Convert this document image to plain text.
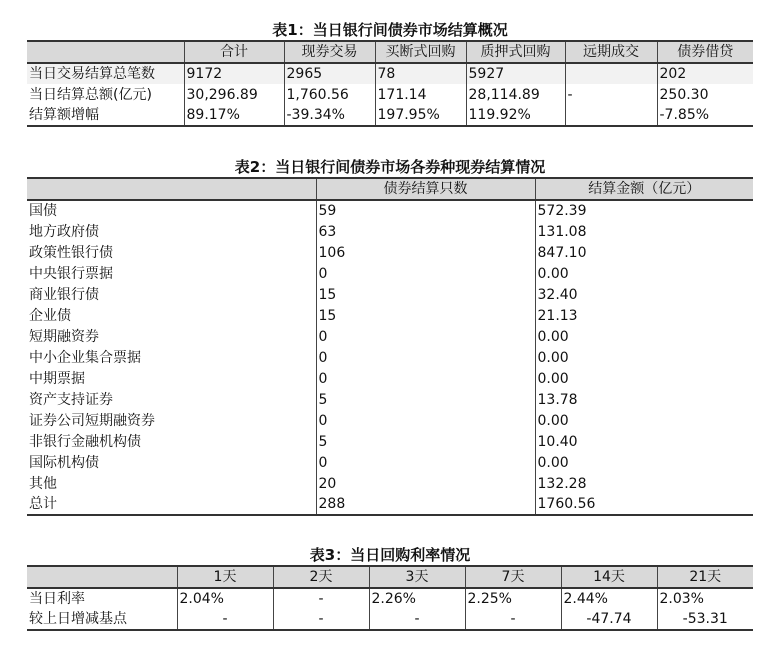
表1：当日银行间债券市场结算概况
	合计	现券交易	买断式回购	质押式回购	远期成交	债券借贷
当日交易结算总笔数	9172	2965	78	5927		202
当日结算总额(亿元)	30,296.89	1,760.56	171.14	28,114.89	-	250.30
结算额增幅	89.17%	-39.34%	197.95%	119.92%		-7.85%
表2：当日银行间债券市场各券种现券结算情况
	债券结算只数	结算金额（亿元）
国债	59	572.39
地方政府债	63	131.08
政策性银行债	106	847.10
中央银行票据	0	0.00
商业银行债	15	32.40
企业债	15	21.13
短期融资券	0	0.00
中小企业集合票据	0	0.00
中期票据	0	0.00
资产支持证券	5	13.78
证券公司短期融资券	0	0.00
非银行金融机构债	5	10.40
国际机构债	0	0.00
其他	20	132.28
总计	288	1760.56
表3：当日回购利率情况
	1天	2天	3天	7天	14天	21天
当日利率	2.04%	-	2.26%	2.25%	2.44%	2.03%
较上日增减基点	-	-	-	-	-47.74	-53.31
